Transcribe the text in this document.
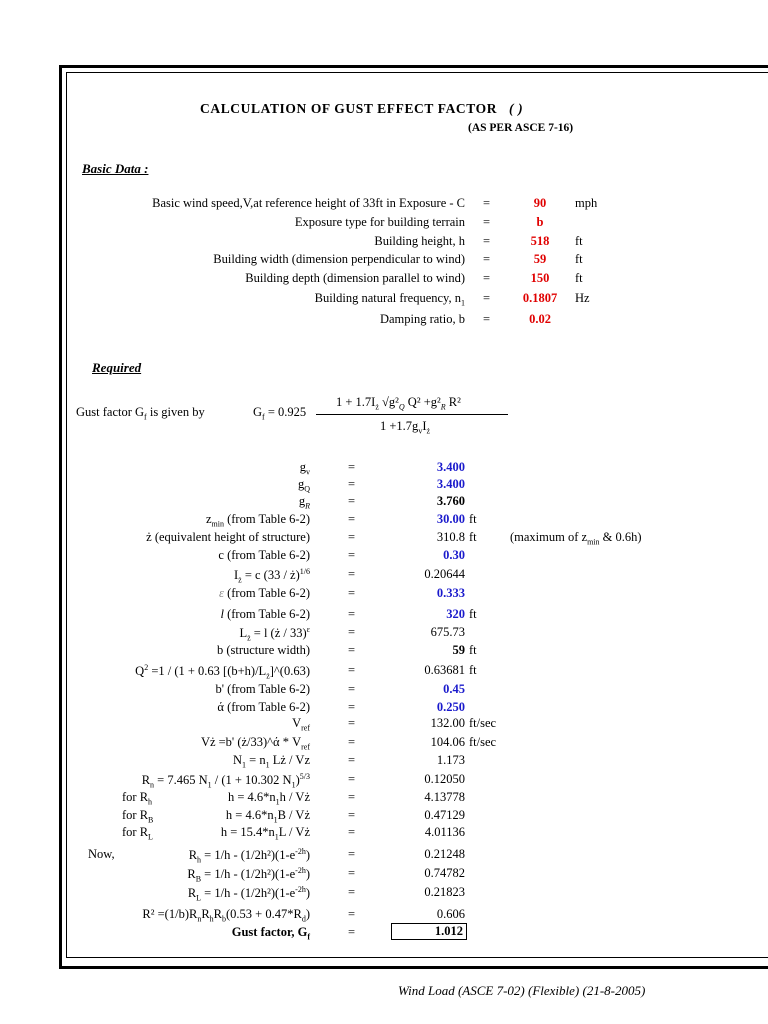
CALCULATION OF GUST EFFECT FACTOR ( )
(AS PER ASCE 7-16)
Basic Data :
Basic wind speed,V,at reference height of 33ft in Exposure - C =	90	mph
Exposure type for building terrain =	b
Building height, h =	518	ft
Building width (dimension perpendicular to wind) =	59	ft
Building depth (dimension parallel to wind) =	150	ft
Building natural frequency, $n_1$ =	0.1807	Hz
Damping ratio, b =	0.02
Required
Gust factor $G_f$ is given by	$G_f = 0.925$
$1 + 1.7I_ż$ $√g^2_Q$ $Q^2 +g^2_R$ R²
$1 +1.7g_vI_ż$
$g_v$	=	3.400
$g_Q$	=	3.400
$g_R$	=	3.760
$z_{min}$ (from Table 6-2)	=	30.00 ft
ż (equivalent height of structure)	=	310.8 ft	(maximum of $z_{min}$ & 0.6h)
c (from Table 6-2)	=	0.30
$I_ż = c$ (33 / ż)$^{1/6}$	=	0.20644
ε (from Table 6-2)	=	0.333
l (from Table 6-2)	=	320 ft
$L_ż = l$ (ż / 33)$^\varepsilon$	=	675.73
b (structure width)	=	59 ft
$Q^2 =1 / (1 + 0.63$ $[(b+h)/L_ż]\^{}(0.63)$	=	0.63681 ft
b' (from Table 6-2)	=	0.45
ά (from Table 6-2)	=	0.250
$V_{ref}$	=	132.00 ft/sec
Vż =b' (ż/33)^ά * $V_{ref}$	=	104.06 ft/sec
$N_1 = n_1$ Lż / Vz	=	1.173
$R_n = 7.465$ $N_1 / (1 + 10.302$ $N_1)^{5/3}$	=	0.12050
for $R_h$	$h = 4.6*n_1h$ / Vż	=	4.13778
for $R_B$	$h = 4.6*n_1B$ / Vż	=	0.47129
for $R_L$	$h = 15.4*n_1L$ / Vż	=	4.01136
Now,	$R_h = 1/h - (1/2h^2)(1-e^{-2h})$	=	0.21248
$R_B = 1/h - (1/2h^2)(1-e^{-2h})$	=	0.74782
$R_L = 1/h - (1/2h^2)(1-e^{-2h})$	=	0.21823
$R^2 =(1/b)R_nR_hR_b(0.53 + 0.47*R_d)$	=	0.606
Gust factor, $G_f$	=	1.012
Wind Load (ASCE 7-02) (Flexible) (21-8-2005)
